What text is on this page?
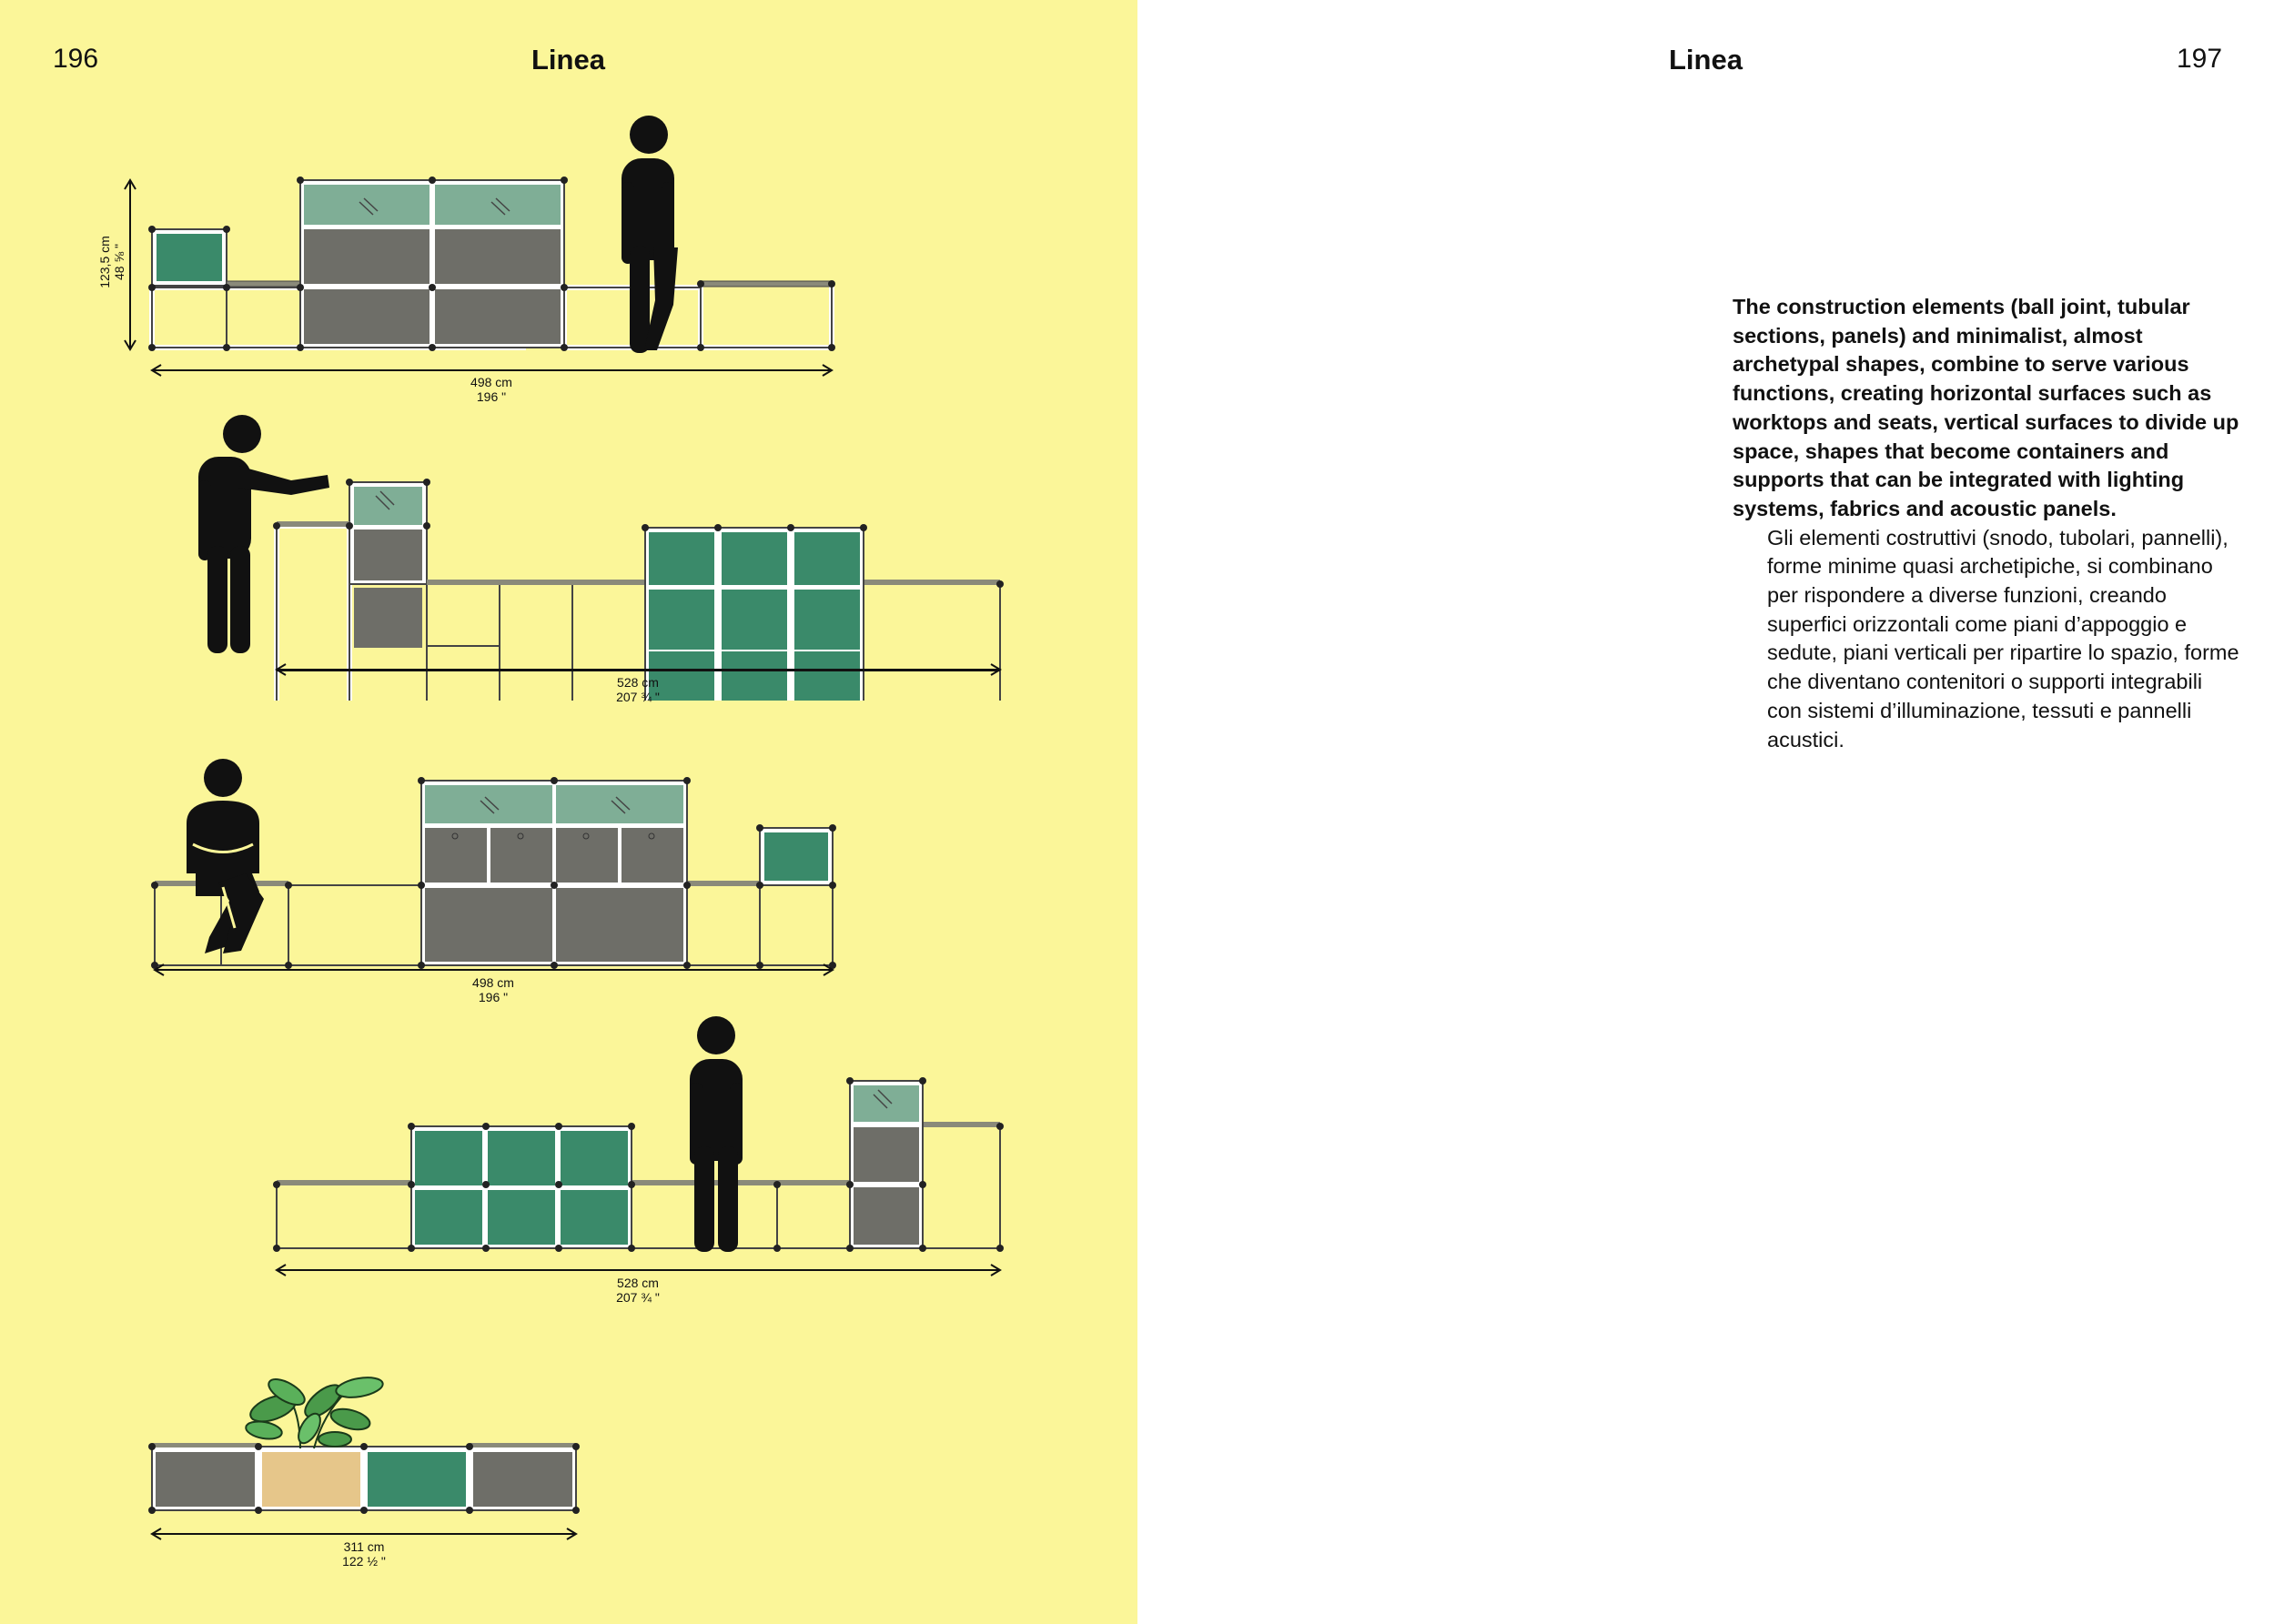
196	Linea
498 cm
196 "
123,5 cm 48 ⅝ "
528 cm
207 ¾ "
498 cm
196 "
528 cm
207 ¾ "
311 cm
122 ½ "
Linea	197

The construction elements (ball joint, tubular sections, panels) and minimalist, almost archetypal shapes, combine to serve various functions, creating horizontal surfaces such as worktops and seats, vertical surfaces to divide up space, shapes that become containers and supports that can be integrated with lighting systems, fabrics and acoustic panels.

Gli elementi costruttivi (snodo, tubolari, pannelli), forme minime quasi archetipiche, si combinano per rispondere a diverse funzioni, creando superfici orizzontali come piani d’appoggio e sedute, piani verticali per ripartire lo spazio, forme che diventano contenitori o supporti integrabili con sistemi d’illuminazione, tessuti e pannelli acustici.
